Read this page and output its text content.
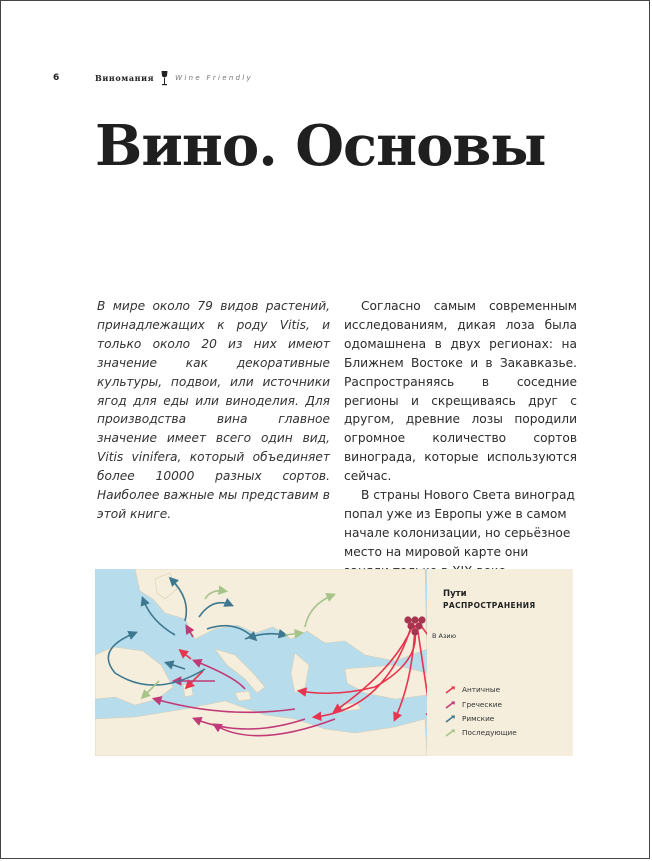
6	Виномания	Wine Friendly
Вино. Основы

В мире около 79 видов растений, принадлежащих к роду Vitis, и только около 20 из них имеют значение как декоративные культуры, подвои, или источники ягод для еды или виноделия. Для производства вина главное значение имеет всего один вид, Vitis vinifera, который объединяет более 10000 разных сортов. Наиболее важные мы представим в этой книге.

Согласно самым современным исследованиям, дикая лоза была одомашнена в двух регионах: на Ближнем Востоке и в Закавказье. Распространяясь в соседние регионы и скрещиваясь друг с другом, древние лозы породили огромное количество сортов винограда, которые используются сейчас.

В страны Нового Света виноград попал уже из Европы уже в самом начале колонизации, но серьёзное место на мировой карте они

Пути
РАСПРОСТРАНЕНИЯ
Античные
Греческие
Римские
Последующие
В Азию
